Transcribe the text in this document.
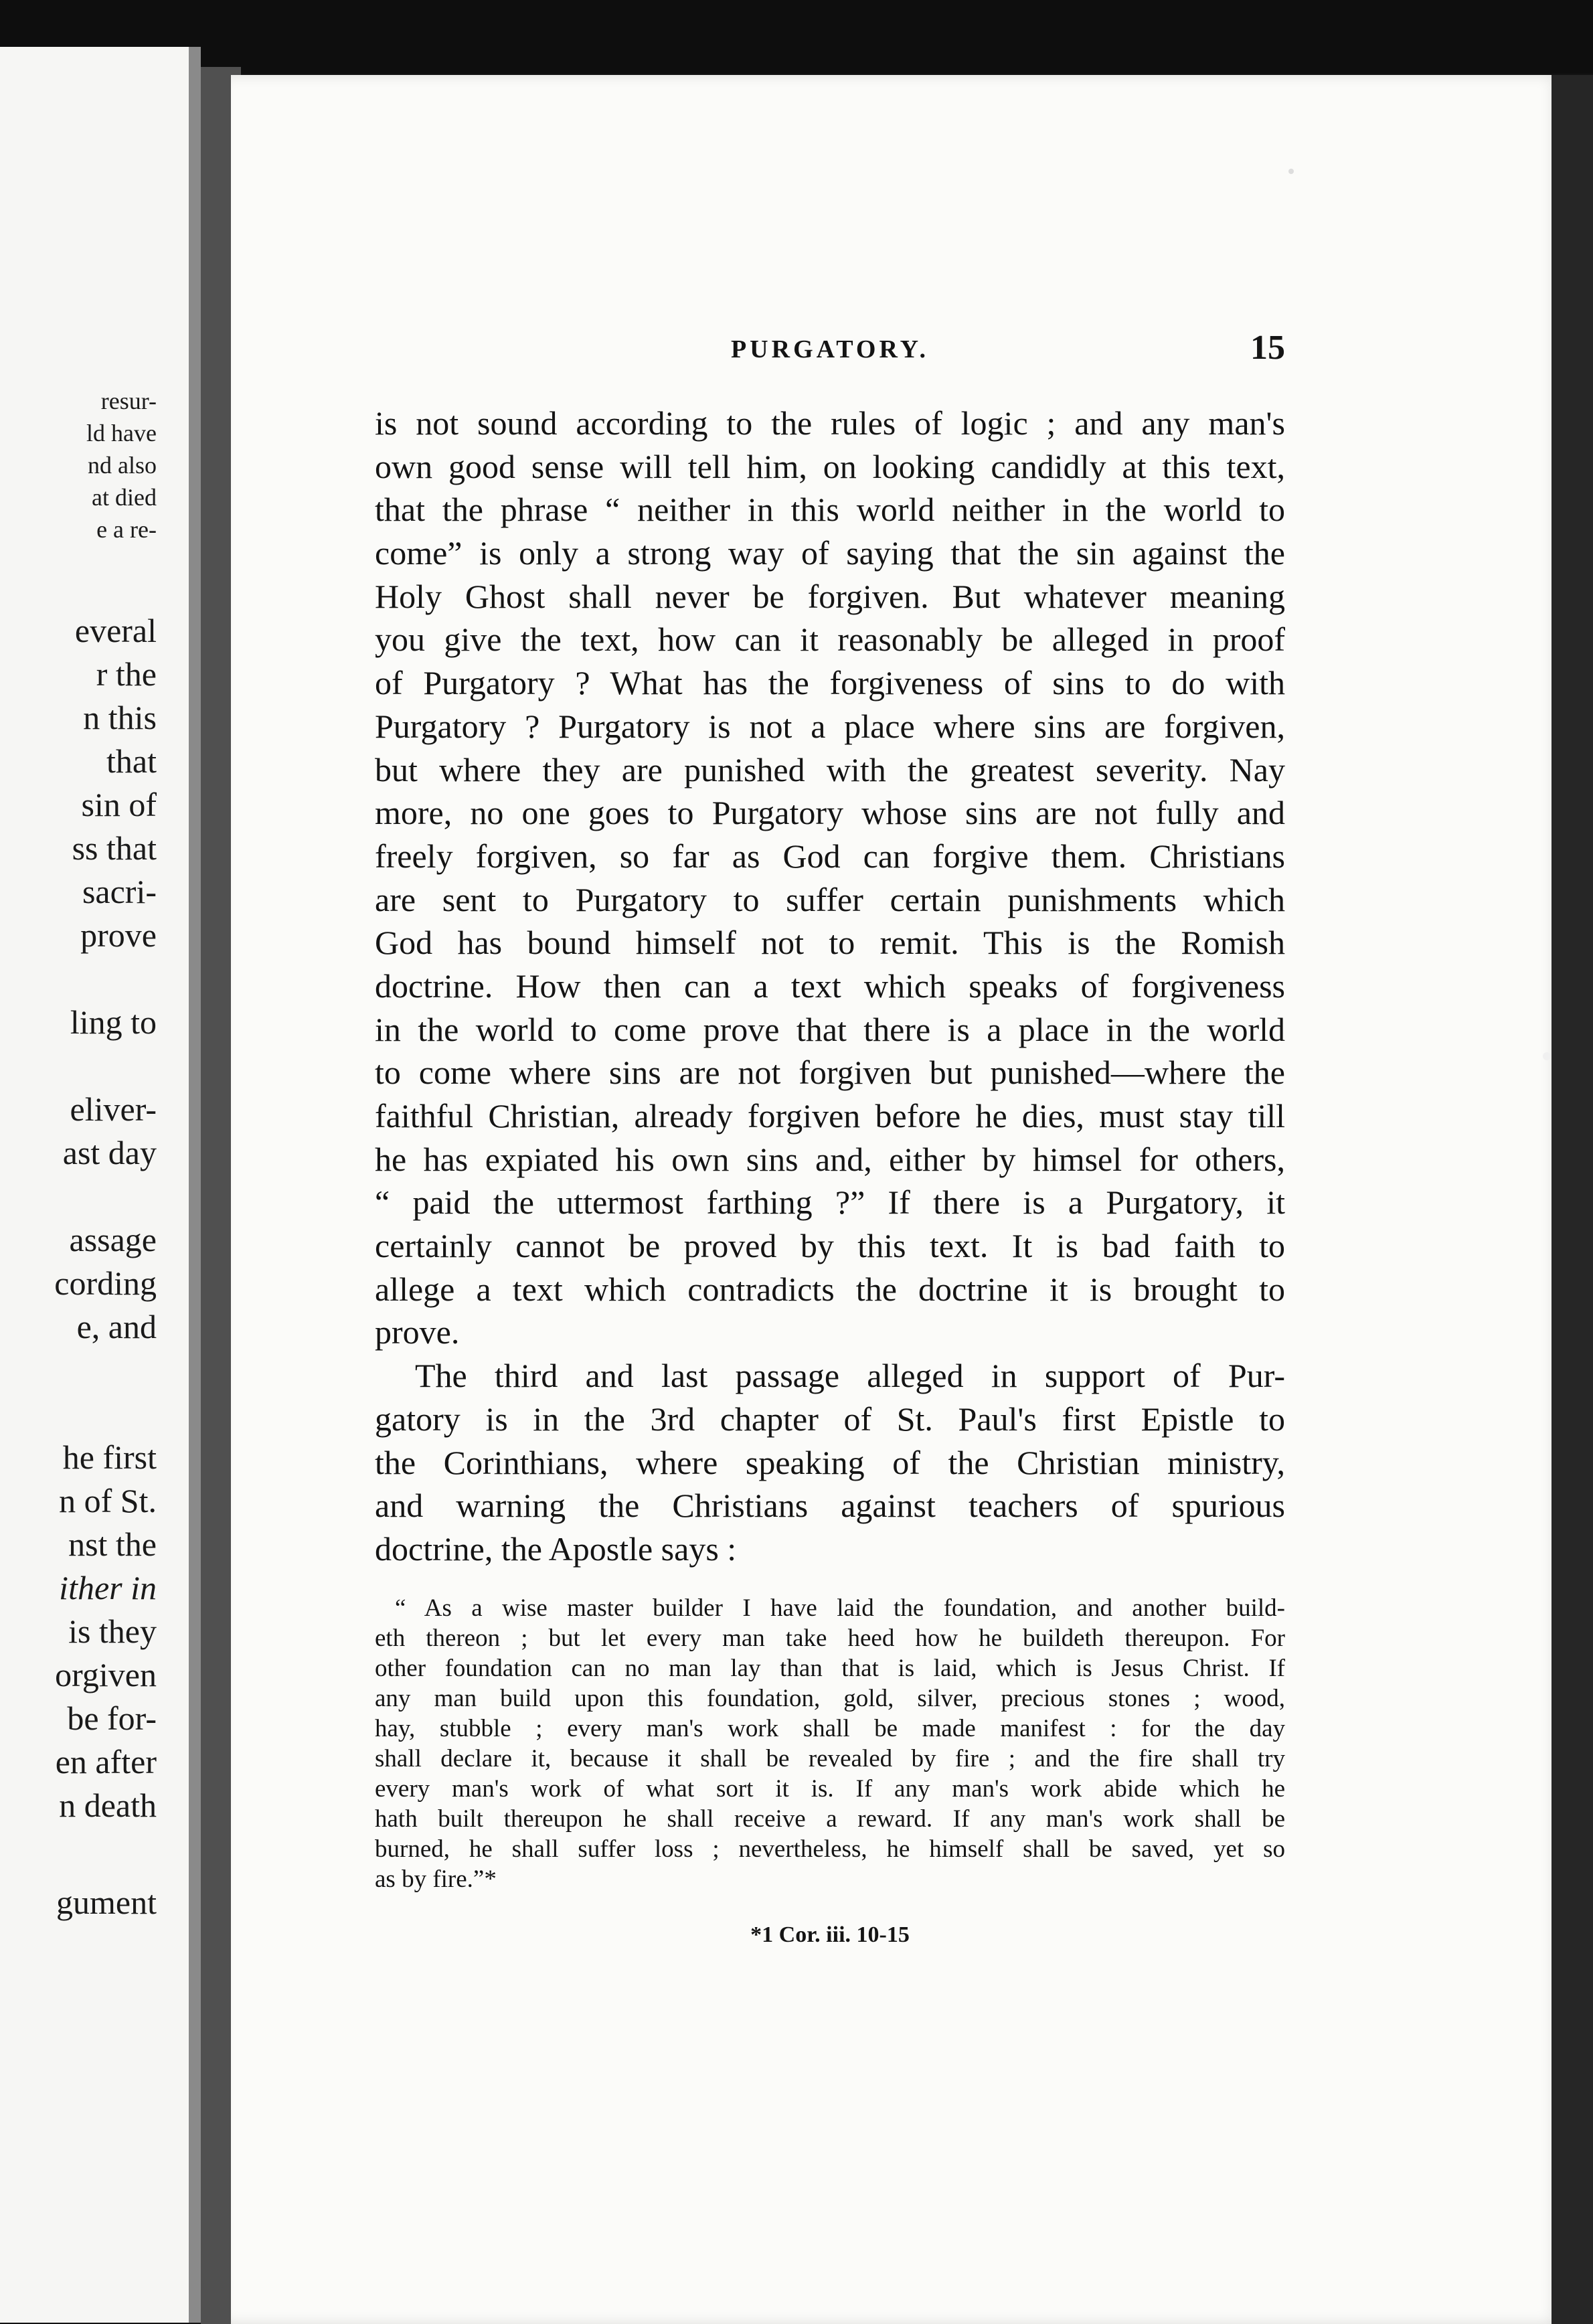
resur-
ld have
nd also
at died
e a re-
everal
r the
n this
that
sin of
ss that
sacri-
prove
ling to
eliver-
ast day
assage
cording
e, and
he first
n of St.
nst the
ither in
is they
orgiven
be for-
en after
n death
gument
PURGATORY.	15
is not sound according to the rules of logic ; and any man's
own good sense will tell him, on looking candidly at this text,
that the phrase “ neither in this world neither in the world to
come” is only a strong way of saying that the sin against the
Holy Ghost shall never be forgiven. But whatever meaning
you give the text, how can it reasonably be alleged in proof
of Purgatory ? What has the forgiveness of sins to do with
Purgatory ? Purgatory is not a place where sins are forgiven,
but where they are punished with the greatest severity. Nay
more, no one goes to Purgatory whose sins are not fully and
freely forgiven, so far as God can forgive them. Christians
are sent to Purgatory to suffer certain punishments which
God has bound himself not to remit. This is the Romish
doctrine. How then can a text which speaks of forgiveness
in the world to come prove that there is a place in the world
to come where sins are not forgiven but punished—where the
faithful Christian, already forgiven before he dies, must stay till
he has expiated his own sins and, either by himsel for others,
“ paid the uttermost farthing ?” If there is a Purgatory, it
certainly cannot be proved by this text. It is bad faith to
allege a text which contradicts the doctrine it is brought to
prove.
The third and last passage alleged in support of Pur-
gatory is in the 3rd chapter of St. Paul's first Epistle to
the Corinthians, where speaking of the Christian ministry,
and warning the Christians against teachers of spurious
doctrine, the Apostle says :
“ As a wise master builder I have laid the foundation, and another build-
eth thereon ; but let every man take heed how he buildeth thereupon. For
other foundation can no man lay than that is laid, which is Jesus Christ. If
any man build upon this foundation, gold, silver, precious stones ; wood,
hay, stubble ; every man's work shall be made manifest : for the day
shall declare it, because it shall be revealed by fire ; and the fire shall try
every man's work of what sort it is. If any man's work abide which he
hath built thereupon he shall receive a reward. If any man's work shall be
burned, he shall suffer loss ; nevertheless, he himself shall be saved, yet so
as by fire.”*
*1 Cor. iii. 10-15
